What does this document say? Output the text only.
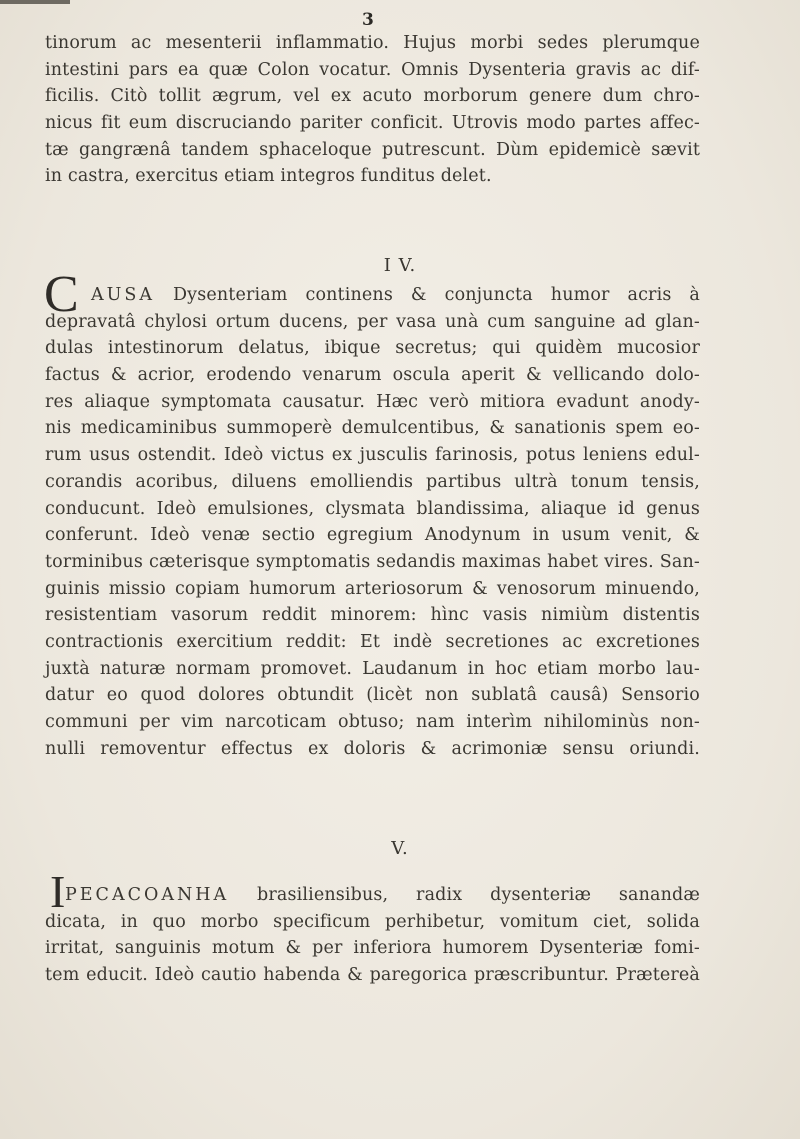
3
tinorum ac mesenterii inflammatio. Hujus morbi sedes plerumque
intestini pars ea quæ Colon vocatur. Omnis Dysenteria gravis ac dif-
ficilis. Citò tollit ægrum, vel ex acuto morborum genere dum chro-
nicus fit eum discruciando pariter conficit. Utrovis modo partes affec-
tæ gangrænâ tandem sphaceloque putrescunt. Dùm epidemicè sævit
in castra, exercitus etiam integros funditus delet.
I V.
C AUSA Dysenteriam continens & conjuncta humor acris à
depravatâ chylosi ortum ducens, per vasa unà cum sanguine ad glan-
dulas intestinorum delatus, ibique secretus; qui quidèm mucosior
factus & acrior, erodendo venarum oscula aperit & vellicando dolo-
res aliaque symptomata causatur. Hæc verò mitiora evadunt anody-
nis medicaminibus summoperè demulcentibus, & sanationis spem eo-
rum usus ostendit. Ideò victus ex jusculis farinosis, potus leniens edul-
corandis acoribus, diluens emolliendis partibus ultrà tonum tensis,
conducunt. Ideò emulsiones, clysmata blandissima, aliaque id genus
conferunt. Ideò venæ sectio egregium Anodynum in usum venit, &
torminibus cæterisque symptomatis sedandis maximas habet vires. San-
guinis missio copiam humorum arteriosorum & venosorum minuendo,
resistentiam vasorum reddit minorem: hìnc vasis nimiùm distentis
contractionis exercitium reddit: Et indè secretiones ac excretiones
juxtà naturæ normam promovet. Laudanum in hoc etiam morbo lau-
datur eo quod dolores obtundit (licèt non sublatâ causâ) Sensorio
communi per vim narcoticam obtuso; nam interìm nihilominùs non-
nulli removentur effectus ex doloris & acrimoniæ sensu oriundi.
V.
I PECACOANHA brasiliensibus, radix dysenteriæ sanandæ
dicata, in quo morbo specificum perhibetur, vomitum ciet, solida
irritat, sanguinis motum & per inferiora humorem Dysenteriæ fomi-
tem educit. Ideò cautio habenda & paregorica præscribuntur. Prætereà
